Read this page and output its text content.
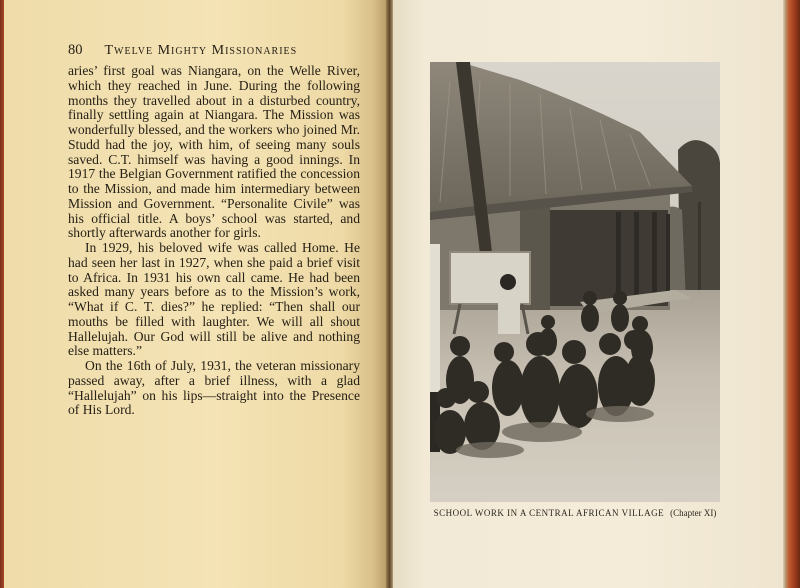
80 Twelve Mighty Missionaries

aries’ first goal was Niangara, on the Welle River, which they reached in June. During the following months they travelled about in a disturbed country, finally settling again at Niangara. The Mission was wonderfully blessed, and the workers who joined Mr. Studd had the joy, with him, of seeing many souls saved. C.T. himself was having a good innings. In 1917 the Belgian Government ratified the concession to the Mission, and made him intermediary between Mission and Government. “Personalite Civile” was his official title. A boys’ school was started, and shortly afterwards another for girls.

In 1929, his beloved wife was called Home. He had seen her last in 1927, when she paid a brief visit to Africa. In 1931 his own call came. He had been asked many years before as to the Mission’s work, “What if C. T. dies?” he replied: “Then shall our mouths be filled with laughter. We will all shout Hallelujah. Our God will still be alive and nothing else matters.”

On the 16th of July, 1931, the veteran missionary passed away, after a brief illness, with a glad “Hallelujah” on his lips—straight into the Presence of His Lord.

SCHOOL WORK IN A CENTRAL AFRICAN VILLAGE (Chapter XI)
